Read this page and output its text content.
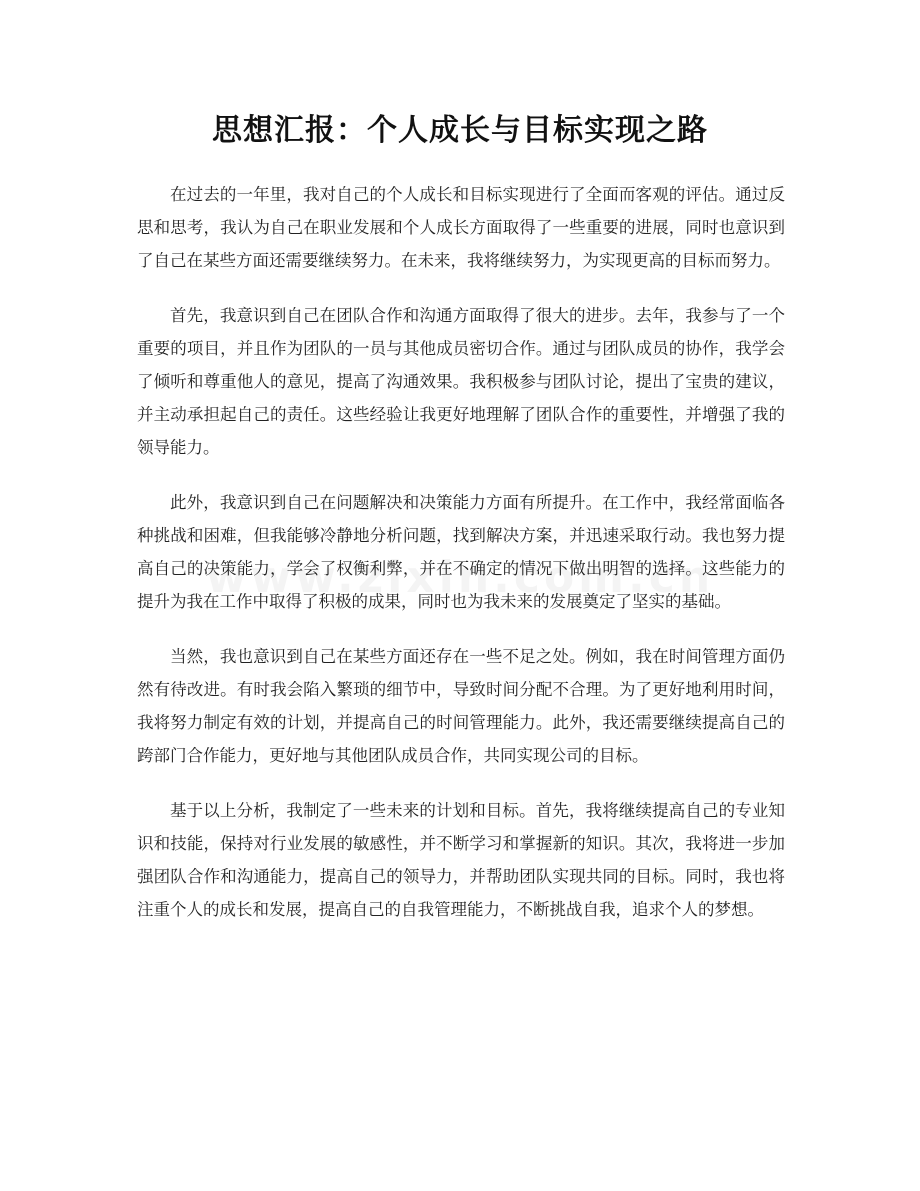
思想汇报：个人成长与目标实现之路

在过去的一年里，我对自己的个人成长和目标实现进行了全面而客观的评估。通过反思和思考，我认为自己在职业发展和个人成长方面取得了一些重要的进展，同时也意识到了自己在某些方面还需要继续努力。在未来，我将继续努力，为实现更高的目标而努力。

首先，我意识到自己在团队合作和沟通方面取得了很大的进步。去年，我参与了一个重要的项目，并且作为团队的一员与其他成员密切合作。通过与团队成员的协作，我学会了倾听和尊重他人的意见，提高了沟通效果。我积极参与团队讨论，提出了宝贵的建议，并主动承担起自己的责任。这些经验让我更好地理解了团队合作的重要性，并增强了我的领导能力。

此外，我意识到自己在问题解决和决策能力方面有所提升。在工作中，我经常面临各种挑战和困难，但我能够冷静地分析问题，找到解决方案，并迅速采取行动。我也努力提高自己的决策能力，学会了权衡利弊，并在不确定的情况下做出明智的选择。这些能力的提升为我在工作中取得了积极的成果，同时也为我未来的发展奠定了坚实的基础。

当然，我也意识到自己在某些方面还存在一些不足之处。例如，我在时间管理方面仍然有待改进。有时我会陷入繁琐的细节中，导致时间分配不合理。为了更好地利用时间，我将努力制定有效的计划，并提高自己的时间管理能力。此外，我还需要继续提高自己的跨部门合作能力，更好地与其他团队成员合作，共同实现公司的目标。

基于以上分析，我制定了一些未来的计划和目标。首先，我将继续提高自己的专业知识和技能，保持对行业发展的敏感性，并不断学习和掌握新的知识。其次，我将进一步加强团队合作和沟通能力，提高自己的领导力，并帮助团队实现共同的目标。同时，我也将注重个人的成长和发展，提高自己的自我管理能力，不断挑战自我，追求个人的梦想。
